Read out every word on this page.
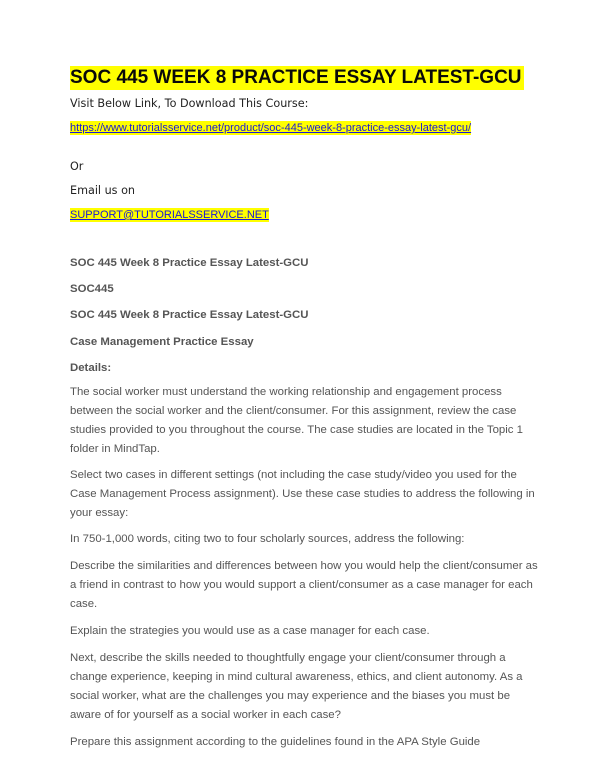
SOC 445 WEEK 8 PRACTICE ESSAY LATEST-GCU
Visit Below Link, To Download This Course:
https://www.tutorialsservice.net/product/soc-445-week-8-practice-essay-latest-gcu/
Or
Email us on
SUPPORT@TUTORIALSSERVICE.NET
SOC 445 Week 8 Practice Essay Latest-GCU
SOC445
SOC 445 Week 8 Practice Essay Latest-GCU
Case Management Practice Essay
Details:

The social worker must understand the working relationship and engagement process between the social worker and the client/consumer. For this assignment, review the case studies provided to you throughout the course. The case studies are located in the Topic 1 folder in MindTap.

Select two cases in different settings (not including the case study/video you used for the Case Management Process assignment). Use these case studies to address the following in your essay:

In 750-1,000 words, citing two to four scholarly sources, address the following:

Describe the similarities and differences between how you would help the client/consumer as a friend in contrast to how you would support a client/consumer as a case manager for each case.

Explain the strategies you would use as a case manager for each case.

Next, describe the skills needed to thoughtfully engage your client/consumer through a change experience, keeping in mind cultural awareness, ethics, and client autonomy. As a social worker, what are the challenges you may experience and the biases you must be aware of for yourself as a social worker in each case?

Prepare this assignment according to the guidelines found in the APA Style Guide
